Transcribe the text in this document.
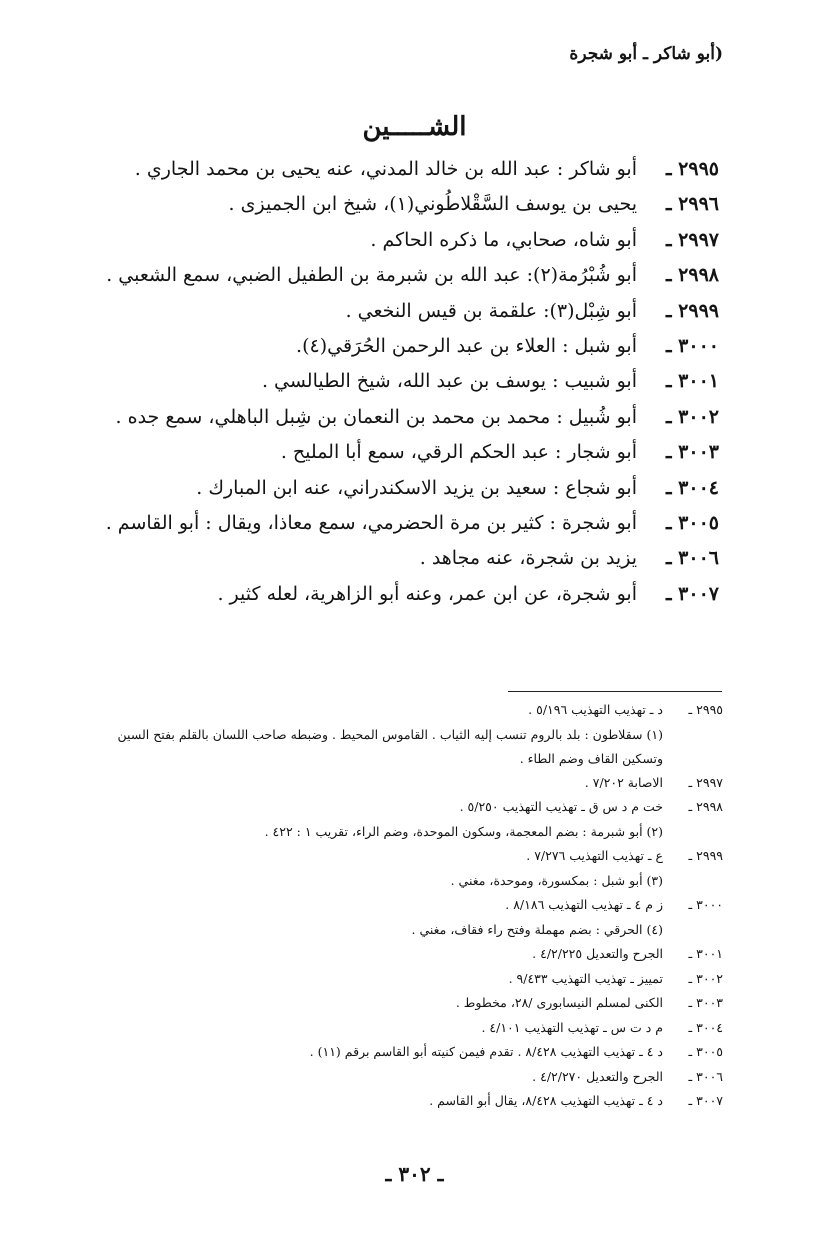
(أبو شاكر ـ أبو شجرة
الشـــــين
٢٩٩٥ ـ
أبو شاكر : عبد الله بن خالد المدني، عنه يحيى بن محمد الجاري .
٢٩٩٦ ـ
يحيى بن يوسف السَّقْلاطُوني(١)، شيخ ابن الجميزى .
٢٩٩٧ ـ
أبو شاه، صحابي، ما ذكره الحاكم .
٢٩٩٨ ـ
أبو شُبْرُمة(٢): عبد الله بن شبرمة بن الطفيل الضبي، سمع الشعبي .
٢٩٩٩ ـ
أبو شِبْل(٣): علقمة بن قيس النخعي .
٣٠٠٠ ـ
أبو شبل : العلاء بن عبد الرحمن الحُرَقي(٤).
٣٠٠١ ـ
أبو شبيب : يوسف بن عبد الله، شيخ الطيالسي .
٣٠٠٢ ـ
أبو شُبيل : محمد بن محمد بن النعمان بن شِبل الباهلي، سمع جده .
٣٠٠٣ ـ
أبو شجار : عبد الحكم الرقي، سمع أبا المليح .
٣٠٠٤ ـ
أبو شجاع : سعيد بن يزيد الاسكندراني، عنه ابن المبارك .
٣٠٠٥ ـ
أبو شجرة : كثير بن مرة الحضرمي، سمع معاذا، ويقال : أبو القاسم .
٣٠٠٦ ـ
يزيد بن شجرة، عنه مجاهد .
٣٠٠٧ ـ
أبو شجرة، عن ابن عمر، وعنه أبو الزاهرية، لعله كثير .
٢٩٩٥ ـ
د ـ تهذيب التهذيب ٥/١٩٦ .
(١) سقلاطون : بلد بالروم تنسب إليه الثياب . القاموس المحيط . وضبطه صاحب اللسان بالقلم بفتح السين وتسكين القاف وضم الطاء .
٢٩٩٧ ـ
الاصابة ٧/٢٠٢ .
٢٩٩٨ ـ
خت م د س ق ـ تهذيب التهذيب ٥/٢٥٠ .
(٢) أبو شبرمة : بضم المعجمة، وسكون الموحدة، وضم الراء، تقريب ١ : ٤٢٢ .
٢٩٩٩ ـ
ع ـ تهذيب التهذيب ٧/٢٧٦ .
(٣) أبو شبل : بمكسورة، وموحدة، مغني .
٣٠٠٠ ـ
ز م ٤ ـ تهذيب التهذيب ٨/١٨٦ .
(٤) الحرقي : بضم مهملة وفتح راء فقاف، مغني .
٣٠٠١ ـ
الجرح والتعديل ٤/٢/٢٢٥ .
٣٠٠٢ ـ
تمييز ـ تهذيب التهذيب ٩/٤٣٣ .
٣٠٠٣ ـ
الكنى لمسلم النيسابورى /٢٨، مخطوط .
٣٠٠٤ ـ
م د ت س ـ تهذيب التهذيب ٤/١٠١ .
٣٠٠٥ ـ
د ٤ ـ تهذيب التهذيب ٨/٤٢٨ . تقدم فيمن كنيته أبو القاسم برقم (١١) .
٣٠٠٦ ـ
الجرح والتعديل ٤/٢/٢٧٠ .
٣٠٠٧ ـ
د ٤ ـ تهذيب التهذيب ٨/٤٢٨، يقال أبو القاسم .
ـ ٣٠٢ ـ
